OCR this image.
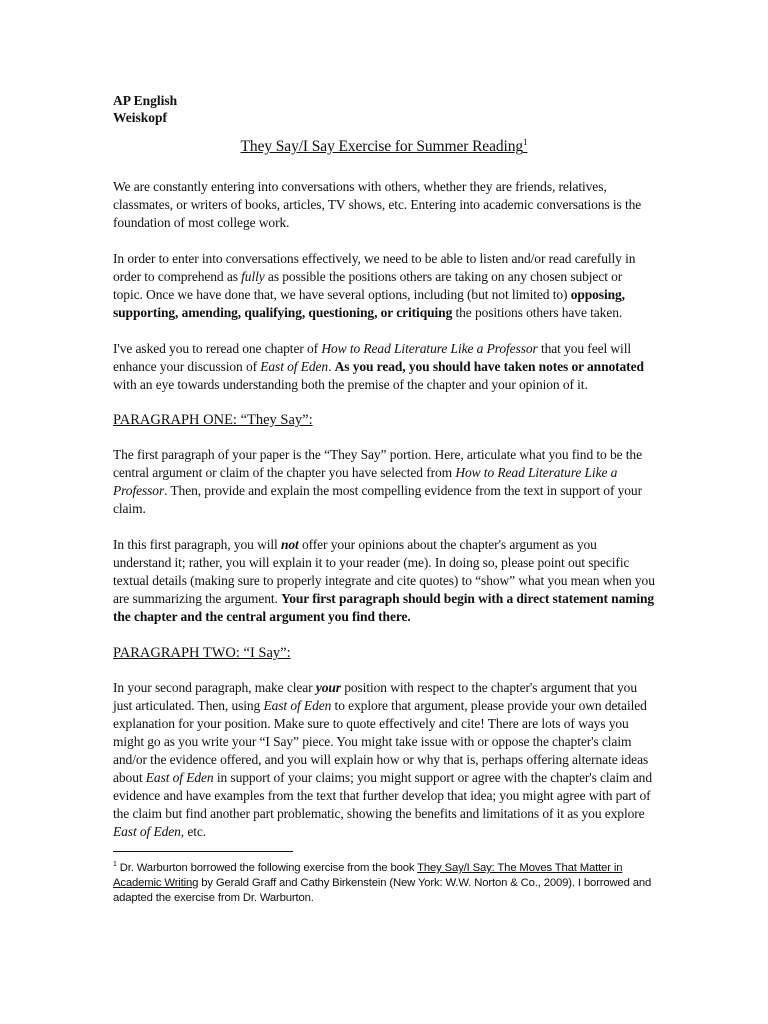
AP English
Weiskopf
They Say/I Say Exercise for Summer Reading$^1$

We are constantly entering into conversations with others, whether they are friends, relatives, classmates, or writers of books, articles, TV shows, etc. Entering into academic conversations is the foundation of most college work.

In order to enter into conversations effectively, we need to be able to listen and/or read carefully in order to comprehend as fully as possible the positions others are taking on any chosen subject or topic. Once we have done that, we have several options, including (but not limited to) opposing, supporting, amending, qualifying, questioning, or critiquing the positions others have taken.

I've asked you to reread one chapter of How to Read Literature Like a Professor that you feel will enhance your discussion of East of Eden. As you read, you should have taken notes or annotated with an eye towards understanding both the premise of the chapter and your opinion of it.

PARAGRAPH ONE: “They Say”:

The first paragraph of your paper is the “They Say” portion. Here, articulate what you find to be the central argument or claim of the chapter you have selected from How to Read Literature Like a Professor. Then, provide and explain the most compelling evidence from the text in support of your claim.

In this first paragraph, you will not offer your opinions about the chapter's argument as you understand it; rather, you will explain it to your reader (me). In doing so, please point out specific textual details (making sure to properly integrate and cite quotes) to “show” what you mean when you are summarizing the argument. Your first paragraph should begin with a direct statement naming the chapter and the central argument you find there.

PARAGRAPH TWO: “I Say”:

In your second paragraph, make clear your position with respect to the chapter's argument that you just articulated. Then, using East of Eden to explore that argument, please provide your own detailed explanation for your position. Make sure to quote effectively and cite! There are lots of ways you might go as you write your “I Say” piece. You might take issue with or oppose the chapter's claim and/or the evidence offered, and you will explain how or why that is, perhaps offering alternate ideas about East of Eden in support of your claims; you might support or agree with the chapter's claim and evidence and have examples from the text that further develop that idea; you might agree with part of the claim but find another part problematic, showing the benefits and limitations of it as you explore East of Eden, etc.

$^1$ Dr. Warburton borrowed the following exercise from the book They Say/I Say: The Moves That Matter in Academic Writing by Gerald Graff and Cathy Birkenstein (New York: W.W. Norton & Co., 2009). I borrowed and adapted the exercise from Dr. Warburton.
